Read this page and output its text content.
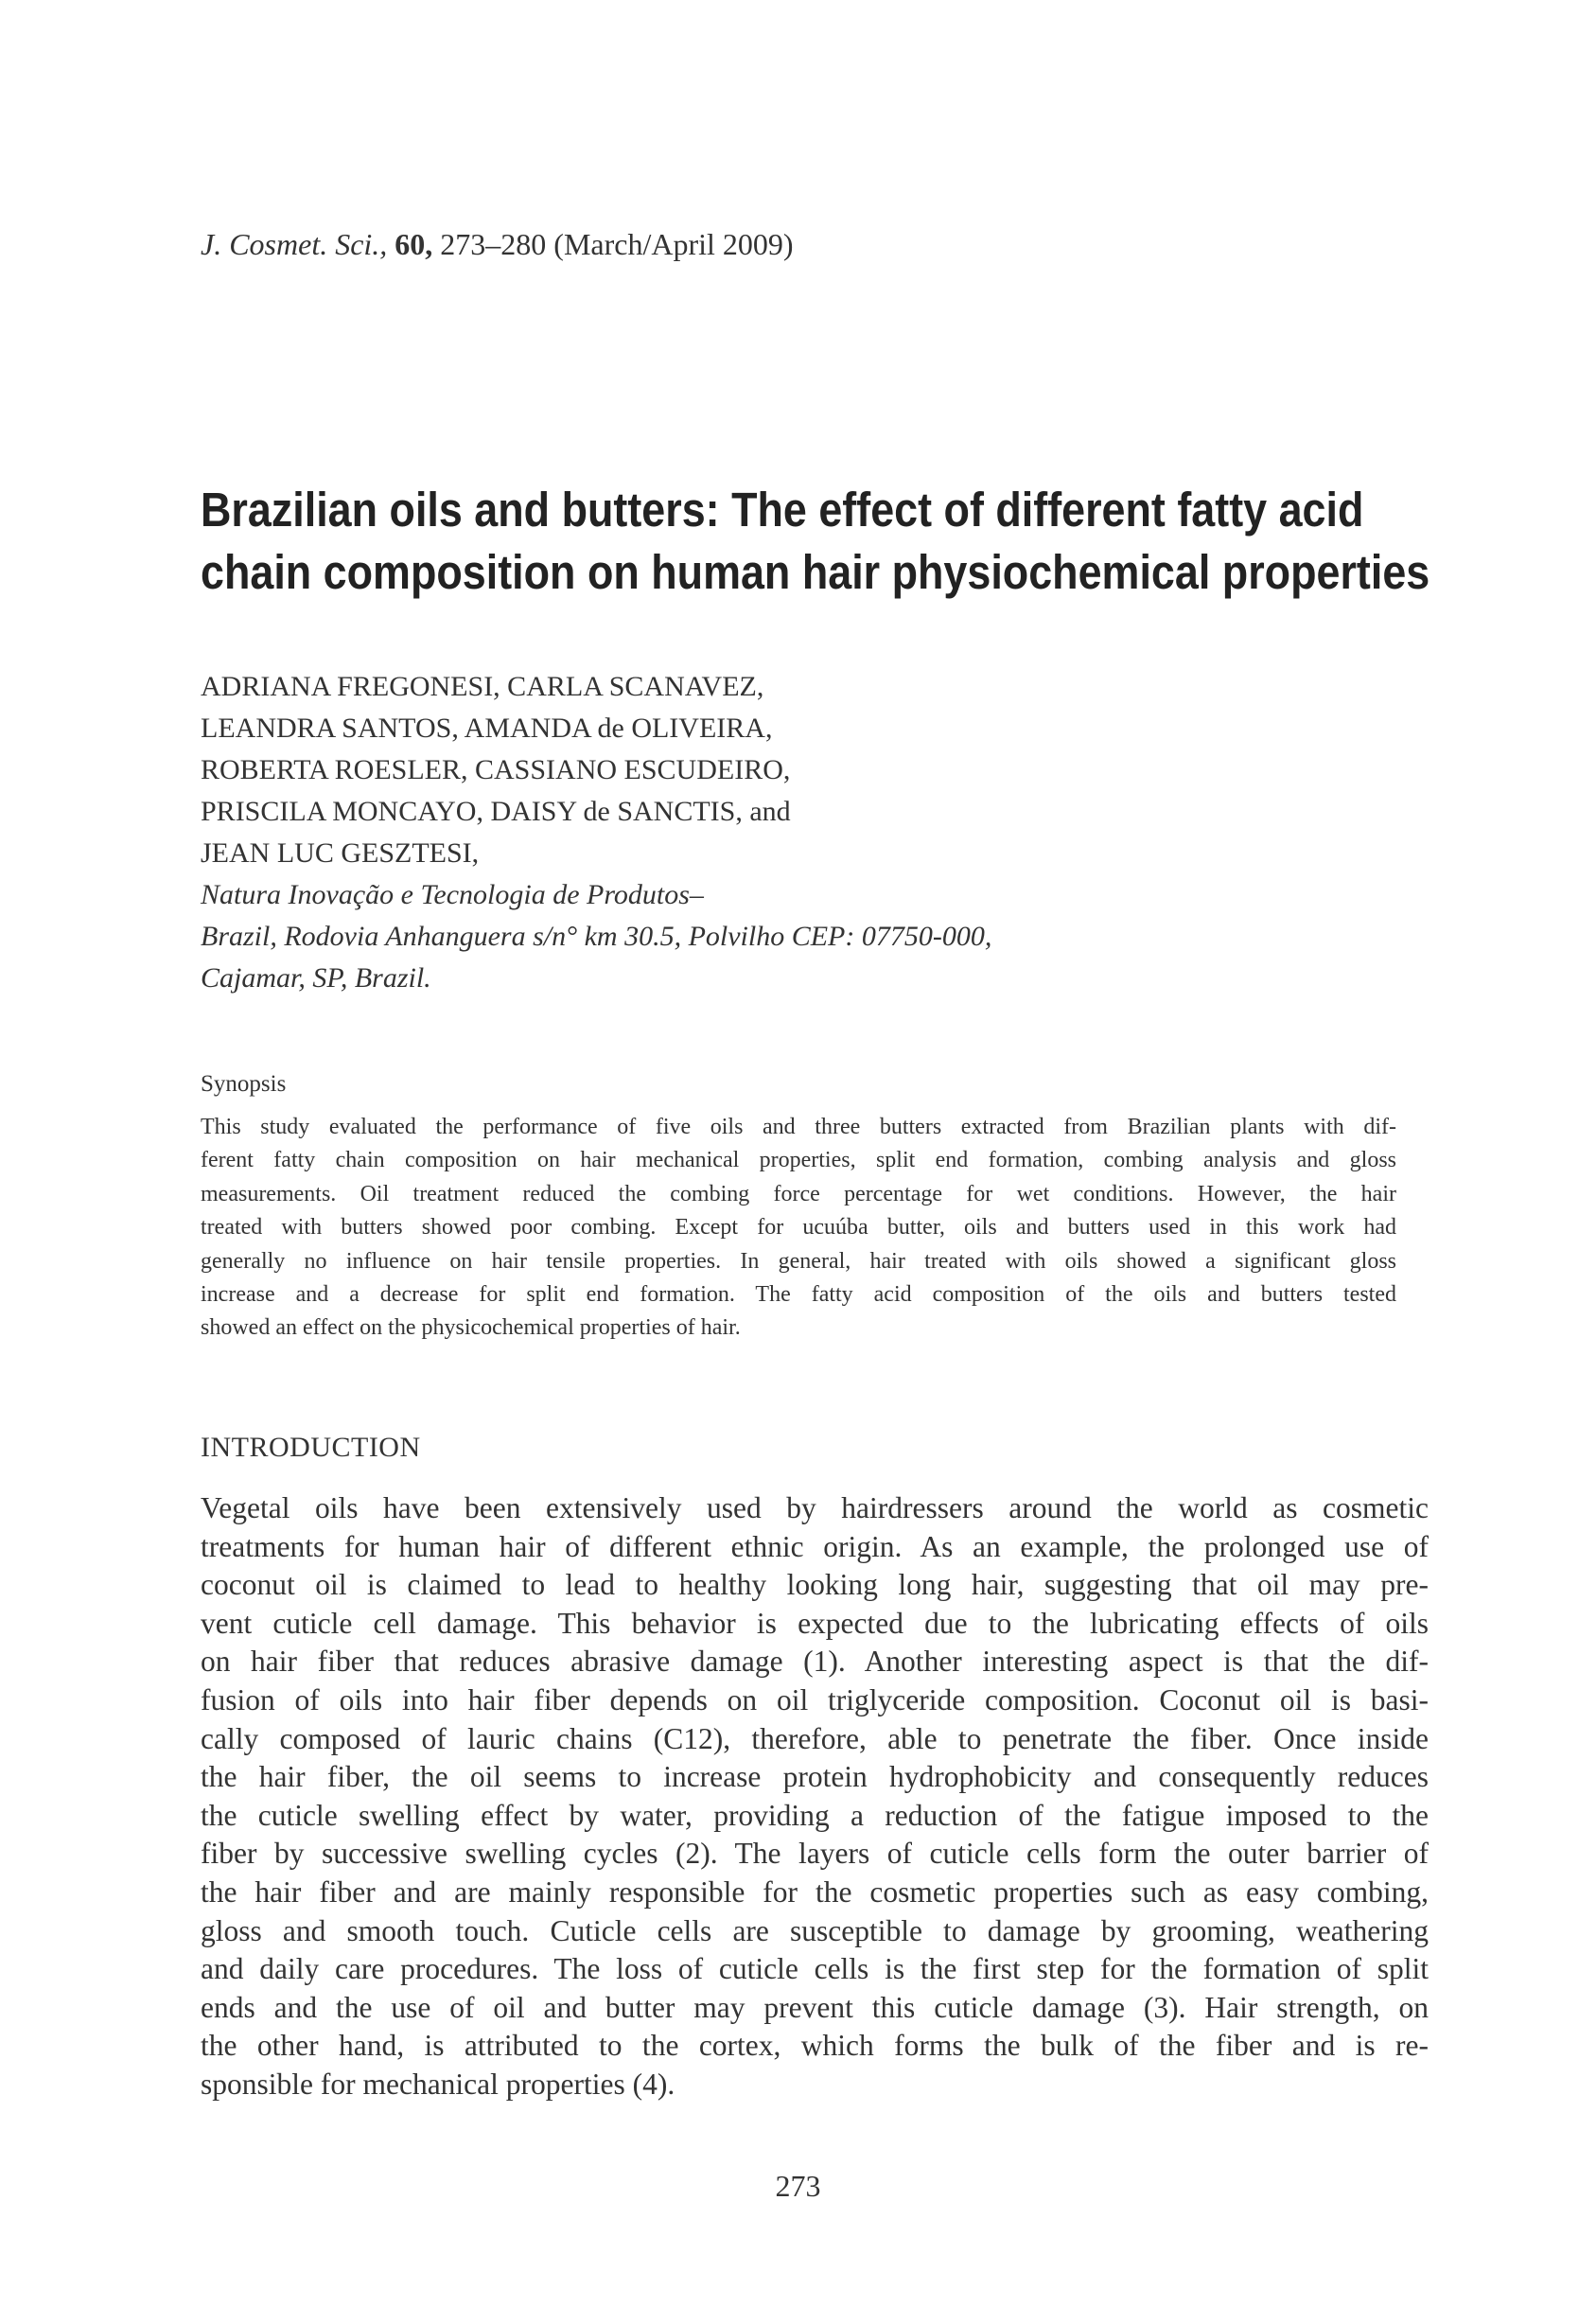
J. Cosmet. Sci., 60, 273–280 (March/April 2009)
Brazilian oils and butters: The effect of different fatty acid
chain composition on human hair physiochemical properties
ADRIANA FREGONESI, CARLA SCANAVEZ,
LEANDRA SANTOS, AMANDA de OLIVEIRA,
ROBERTA ROESLER, CASSIANO ESCUDEIRO,
PRISCILA MONCAYO, DAISY de SANCTIS, and
JEAN LUC GESZTESI,
Natura Inovação e Tecnologia de Produtos–
Brazil, Rodovia Anhanguera s/n° km 30.5, Polvilho CEP: 07750-000,
Cajamar, SP, Brazil.
Synopsis
This study evaluated the performance of five oils and three butters extracted from Brazilian plants with dif-
ferent fatty chain composition on hair mechanical properties, split end formation, combing analysis and gloss
measurements. Oil treatment reduced the combing force percentage for wet conditions. However, the hair
treated with butters showed poor combing. Except for ucuúba butter, oils and butters used in this work had
generally no influence on hair tensile properties. In general, hair treated with oils showed a significant gloss
increase and a decrease for split end formation. The fatty acid composition of the oils and butters tested
showed an effect on the physicochemical properties of hair.
INTRODUCTION
Vegetal oils have been extensively used by hairdressers around the world as cosmetic
treatments for human hair of different ethnic origin. As an example, the prolonged use of
coconut oil is claimed to lead to healthy looking long hair, suggesting that oil may pre-
vent cuticle cell damage. This behavior is expected due to the lubricating effects of oils
on hair fiber that reduces abrasive damage (1). Another interesting aspect is that the dif-
fusion of oils into hair fiber depends on oil triglyceride composition. Coconut oil is basi-
cally composed of lauric chains (C12), therefore, able to penetrate the fiber. Once inside
the hair fiber, the oil seems to increase protein hydrophobicity and consequently reduces
the cuticle swelling effect by water, providing a reduction of the fatigue imposed to the
fiber by successive swelling cycles (2). The layers of cuticle cells form the outer barrier of
the hair fiber and are mainly responsible for the cosmetic properties such as easy combing,
gloss and smooth touch. Cuticle cells are susceptible to damage by grooming, weathering
and daily care procedures. The loss of cuticle cells is the first step for the formation of split
ends and the use of oil and butter may prevent this cuticle damage (3). Hair strength, on
the other hand, is attributed to the cortex, which forms the bulk of the fiber and is re-
sponsible for mechanical properties (4).
273
